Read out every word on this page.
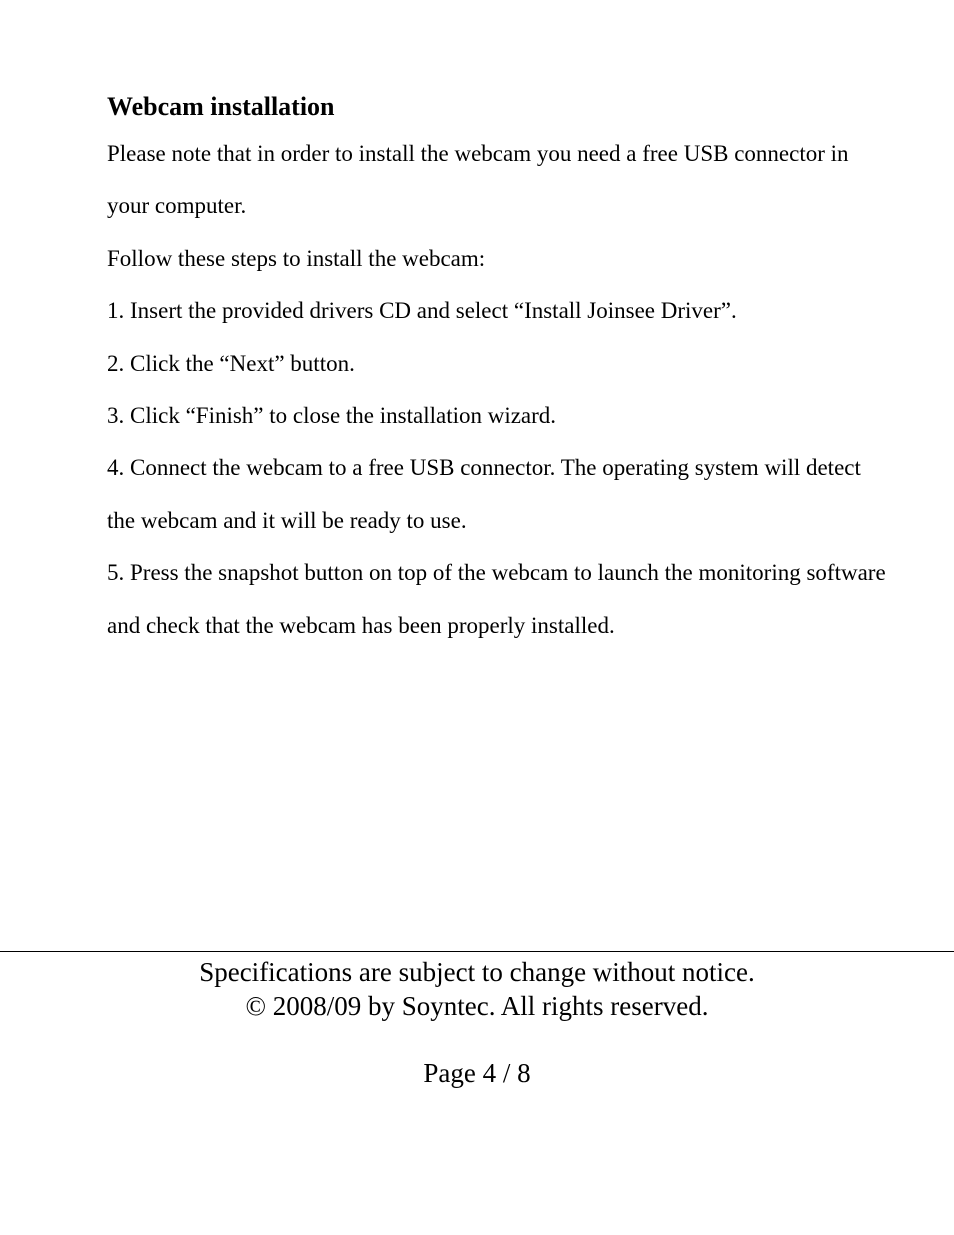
Webcam installation

Please note that in order to install the webcam you need a free USB connector in your computer.

Follow these steps to install the webcam:

1. Insert the provided drivers CD and select “Install Joinsee Driver”.

2. Click the “Next” button.

3. Click “Finish” to close the installation wizard.

4. Connect the webcam to a free USB connector. The operating system will detect the webcam and it will be ready to use.

5. Press the snapshot button on top of the webcam to launch the monitoring software and check that the webcam has been properly installed.

Specifications are subject to change without notice.
© 2008/09 by Soyntec. All rights reserved.
Page 4 / 8
